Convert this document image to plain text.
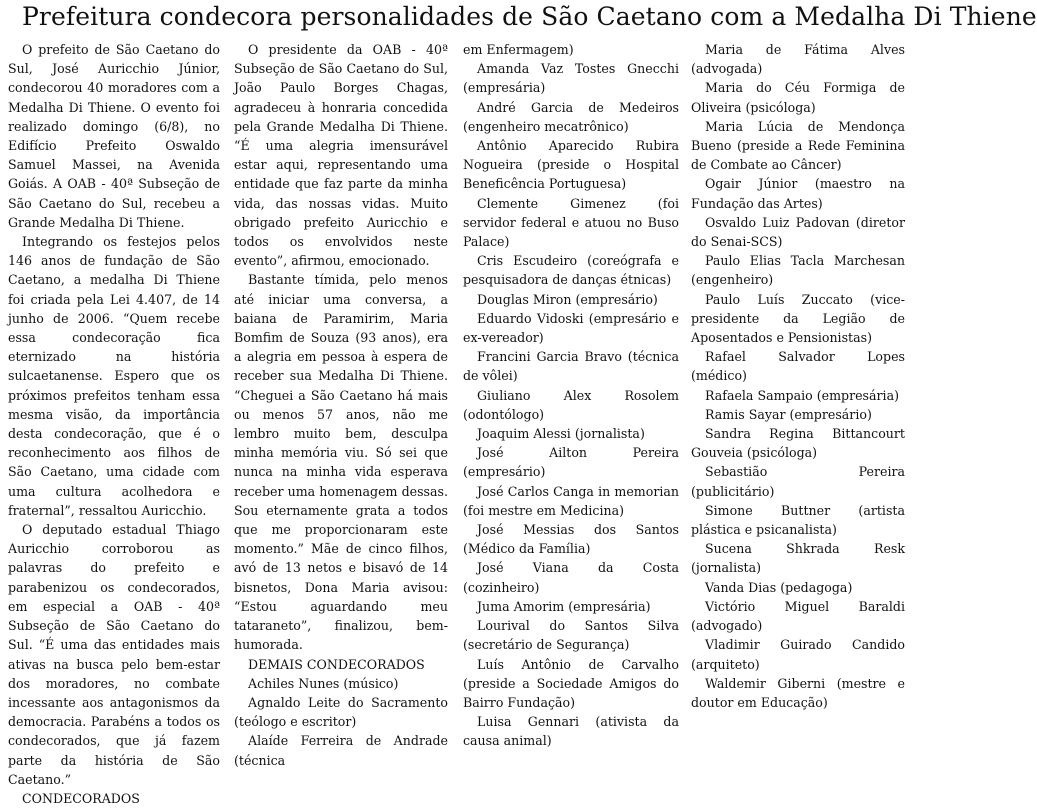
Prefeitura condecora personalidades de São Caetano com a Medalha Di Thiene

O prefeito de São Caetano do Sul, José Auricchio Júnior, condecorou 40 moradores com a Medalha Di Thiene. O evento foi realizado domingo (6/8), no Edifício Prefeito Oswaldo Samuel Massei, na Avenida Goiás. A OAB - 40ª Subseção de São Caetano do Sul, recebeu a Grande Medalha Di Thiene.

Integrando os festejos pelos 146 anos de fundação de São Caetano, a medalha Di Thiene foi criada pela Lei 4.407, de 14 junho de 2006. “Quem recebe essa condecoração fica eternizado na história sulcaetanense. Espero que os próximos prefeitos tenham essa mesma visão, da importância desta condecoração, que é o reconhecimento aos filhos de São Caetano, uma cidade com uma cultura acolhedora e fraternal”, ressaltou Auricchio.

O deputado estadual Thiago Auricchio corroborou as palavras do prefeito e parabenizou os condecorados, em especial a OAB - 40ª Subseção de São Caetano do Sul. “É uma das entidades mais ativas na busca pelo bem-estar dos moradores, no combate incessante aos antagonismos da democracia. Parabéns a todos os condecorados, que já fazem parte da história de São Caetano.”

CONDECORADOS

O presidente da OAB - 40ª Subseção de São Caetano do Sul, João Paulo Borges Chagas, agradeceu à honraria concedida pela Grande Medalha Di Thiene. “É uma alegria imensurável estar aqui, representando uma entidade que faz parte da minha vida, das nossas vidas. Muito obrigado prefeito Auricchio e todos os envolvidos neste evento”, afirmou, emocionado.

Bastante tímida, pelo menos até iniciar uma conversa, a baiana de Paramirim, Maria Bomfim de Souza (93 anos), era a alegria em pessoa à espera de receber sua Medalha Di Thiene. “Cheguei a São Caetano há mais ou menos 57 anos, não me lembro muito bem, desculpa minha memória viu. Só sei que nunca na minha vida esperava receber uma homenagem dessas. Sou eternamente grata a todos que me proporcionaram este momento.” Mãe de cinco filhos, avó de 13 netos e bisavó de 14 bisnetos, Dona Maria avisou: “Estou aguardando meu tataraneto”, finalizou, bem-humorada.

DEMAIS CONDECORADOS

Achiles Nunes (músico)

Agnaldo Leite do Sacramento (teólogo e escritor)

Alaíde Ferreira de Andrade (técnica

em Enfermagem)

Amanda Vaz Tostes Gnecchi (empresária)

André Garcia de Medeiros (engenheiro mecatrônico)

Antônio Aparecido Rubira Nogueira (preside o Hospital Beneficência Portuguesa)

Clemente Gimenez (foi servidor federal e atuou no Buso Palace)

Cris Escudeiro (coreógrafa e pesquisadora de danças étnicas)

Douglas Miron (empresário)

Eduardo Vidoski (empresário e ex-vereador)

Francini Garcia Bravo (técnica de vôlei)

Giuliano Alex Rosolem (odontólogo)

Joaquim Alessi (jornalista)

José Ailton Pereira (empresário)

José Carlos Canga in memorian (foi mestre em Medicina)

José Messias dos Santos (Médico da Família)

José Viana da Costa (cozinheiro)

Juma Amorim (empresária)

Lourival do Santos Silva (secretário de Segurança)

Luís Antônio de Carvalho (preside a Sociedade Amigos do Bairro Fundação)

Luisa Gennari (ativista da causa animal)

Maria de Fátima Alves (advogada)

Maria do Céu Formiga de Oliveira (psicóloga)

Maria Lúcia de Mendonça Bueno (preside a Rede Feminina de Combate ao Câncer)

Ogair Júnior (maestro na Fundação das Artes)

Osvaldo Luiz Padovan (diretor do Senai-SCS)

Paulo Elias Tacla Marchesan (engenheiro)

Paulo Luís Zuccato (vice-presidente da Legião de Aposentados e Pensionistas)

Rafael Salvador Lopes (médico)

Rafaela Sampaio (empresária)

Ramis Sayar (empresário)

Sandra Regina Bittancourt Gouveia (psicóloga)

Sebastião Pereira (publicitário)

Simone Buttner (artista plástica e psicanalista)

Sucena Shkrada Resk (jornalista)

Vanda Dias (pedagoga)

Victório Miguel Baraldi (advogado)

Vladimir Guirado Candido (arquiteto)

Waldemir Giberni (mestre e doutor em Educação)
